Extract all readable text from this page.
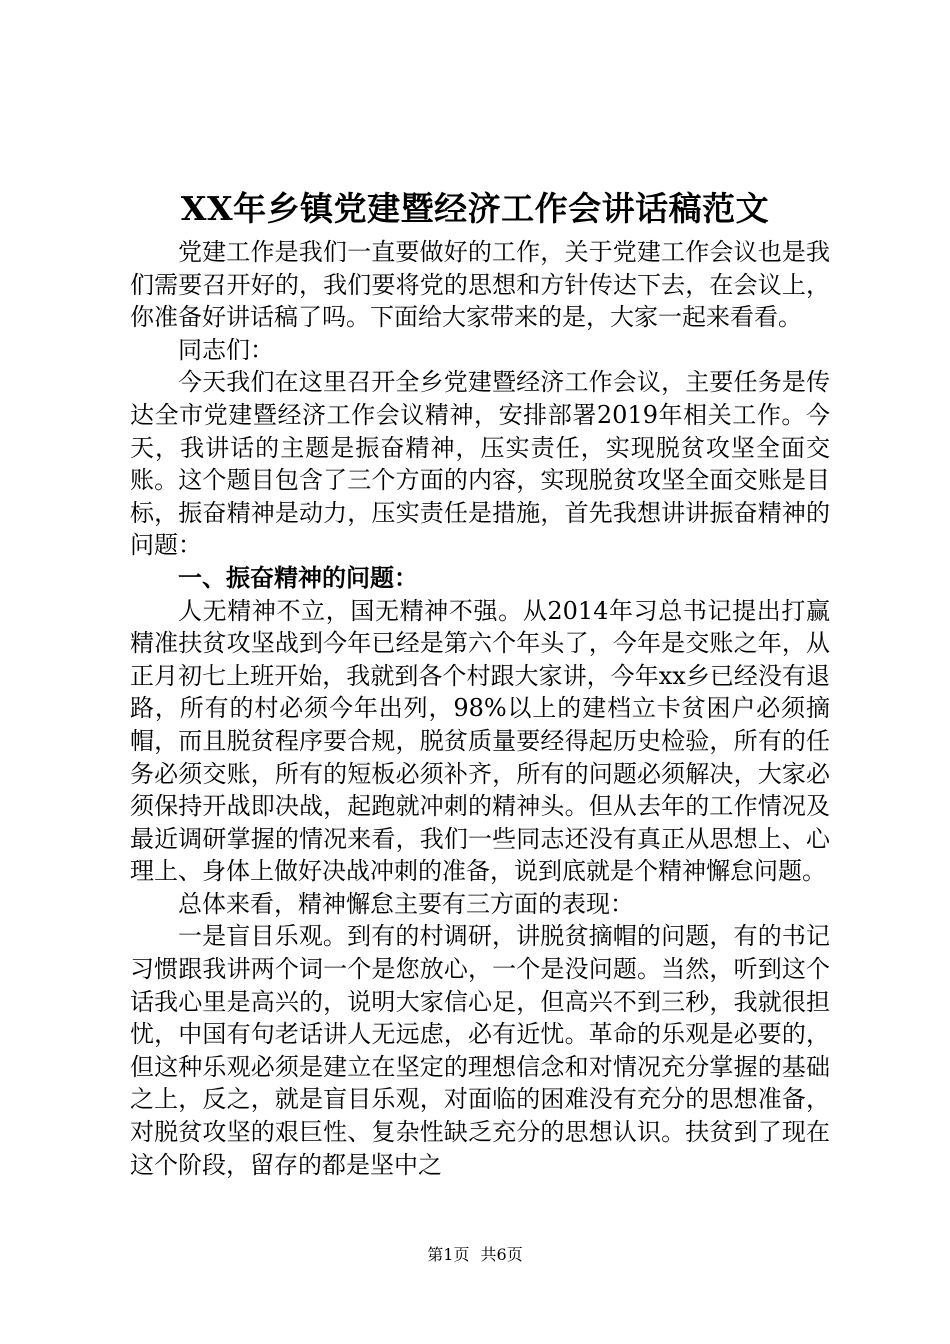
XX年乡镇党建暨经济工作会讲话稿范文

党建工作是我们一直要做好的工作，关于党建工作会议也是我们需要召开好的，我们要将党的思想和方针传达下去，在会议上，你准备好讲话稿了吗。下面给大家带来的是，大家一起来看看。

同志们：

今天我们在这里召开全乡党建暨经济工作会议，主要任务是传达全市党建暨经济工作会议精神，安排部署2019年相关工作。今天，我讲话的主题是振奋精神，压实责任，实现脱贫攻坚全面交账。这个题目包含了三个方面的内容，实现脱贫攻坚全面交账是目标，振奋精神是动力，压实责任是措施，首先我想讲讲振奋精神的问题：

一、振奋精神的问题：

人无精神不立，国无精神不强。从2014年习总书记提出打赢精准扶贫攻坚战到今年已经是第六个年头了，今年是交账之年，从正月初七上班开始，我就到各个村跟大家讲，今年xx乡已经没有退路，所有的村必须今年出列，98%以上的建档立卡贫困户必须摘帽，而且脱贫程序要合规，脱贫质量要经得起历史检验，所有的任务必须交账，所有的短板必须补齐，所有的问题必须解决，大家必须保持开战即决战，起跑就冲刺的精神头。但从去年的工作情况及最近调研掌握的情况来看，我们一些同志还没有真正从思想上、心理上、身体上做好决战冲刺的准备，说到底就是个精神懈怠问题。

总体来看，精神懈怠主要有三方面的表现：

一是盲目乐观。到有的村调研，讲脱贫摘帽的问题，有的书记习惯跟我讲两个词一个是您放心，一个是没问题。当然，听到这个话我心里是高兴的，说明大家信心足，但高兴不到三秒，我就很担忧，中国有句老话讲人无远虑，必有近忧。革命的乐观是必要的，但这种乐观必须是建立在坚定的理想信念和对情况充分掌握的基础之上，反之，就是盲目乐观，对面临的困难没有充分的思想准备，对脱贫攻坚的艰巨性、复杂性缺乏充分的思想认识。扶贫到了现在这个阶段，留存的都是坚中之

第1页 共6页
